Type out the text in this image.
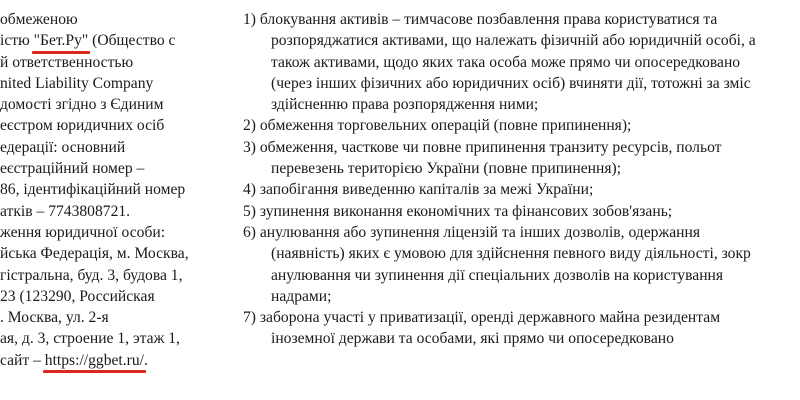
обмеженою
істю "Бет.Ру" (Общество с
й ответственностью
nited Liability Company
домості згідно з Єдиним
еєстром юридичних осіб
едерації: основний
еєстраційний номер –
86, ідентифікаційний номер
атків – 7743808721.
ження юридичної особи:
йська Федерація, м. Москва,
гістральна, буд. 3, будова 1,
23 (123290, Российская
. Москва, ул. 2-я
ая, д. 3, строение 1, этаж 1,
сайт – https://ggbet.ru/.
1) блокування активів – тимчасове позбавлення права користуватися та
розпоряджатися активами, що належать фізичній або юридичній особі, а
також активами, щодо яких така особа може прямо чи опосередковано
(через інших фізичних або юридичних осіб) вчиняти дії, тотожні за зміс
здійсненню права розпорядження ними;
2) обмеження торговельних операцій (повне припинення);
3) обмеження, часткове чи повне припинення транзиту ресурсів, польот
перевезень територією України (повне припинення);
4) запобігання виведенню капіталів за межі України;
5) зупинення виконання економічних та фінансових зобов'язань;
6) анулювання або зупинення ліцензій та інших дозволів, одержання
(наявність) яких є умовою для здійснення певного виду діяльності, зокр
анулювання чи зупинення дії спеціальних дозволів на користування
надрами;
7) заборона участі у приватизації, оренді державного майна резидентам
іноземної держави та особами, які прямо чи опосередковано
